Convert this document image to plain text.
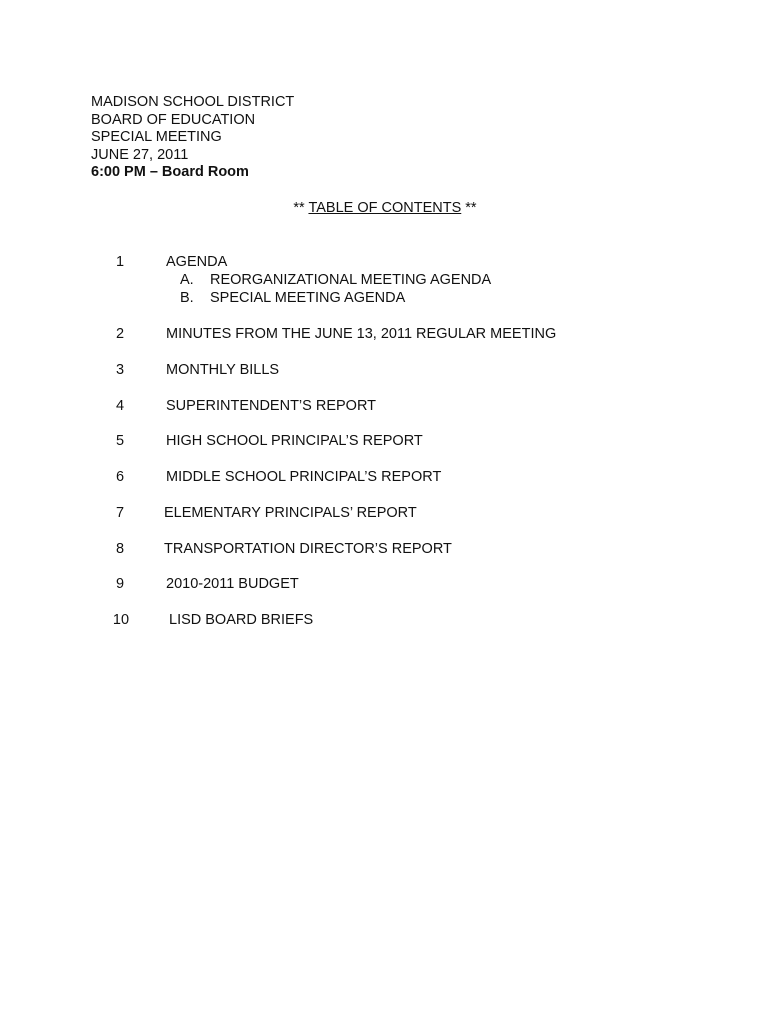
MADISON SCHOOL DISTRICT
BOARD OF EDUCATION
SPECIAL MEETING
JUNE 27, 2011
6:00 PM – Board Room
** TABLE OF CONTENTS **
1	AGENDA
A. REORGANIZATIONAL MEETING AGENDA
B. SPECIAL MEETING AGENDA
2	MINUTES FROM THE JUNE 13, 2011 REGULAR MEETING
3	MONTHLY BILLS
4	SUPERINTENDENT’S REPORT
5	HIGH SCHOOL PRINCIPAL’S REPORT
6	MIDDLE SCHOOL PRINCIPAL’S REPORT
7	ELEMENTARY PRINCIPALS’ REPORT
8	TRANSPORTATION DIRECTOR’S REPORT
9	2010-2011 BUDGET
10	LISD BOARD BRIEFS
